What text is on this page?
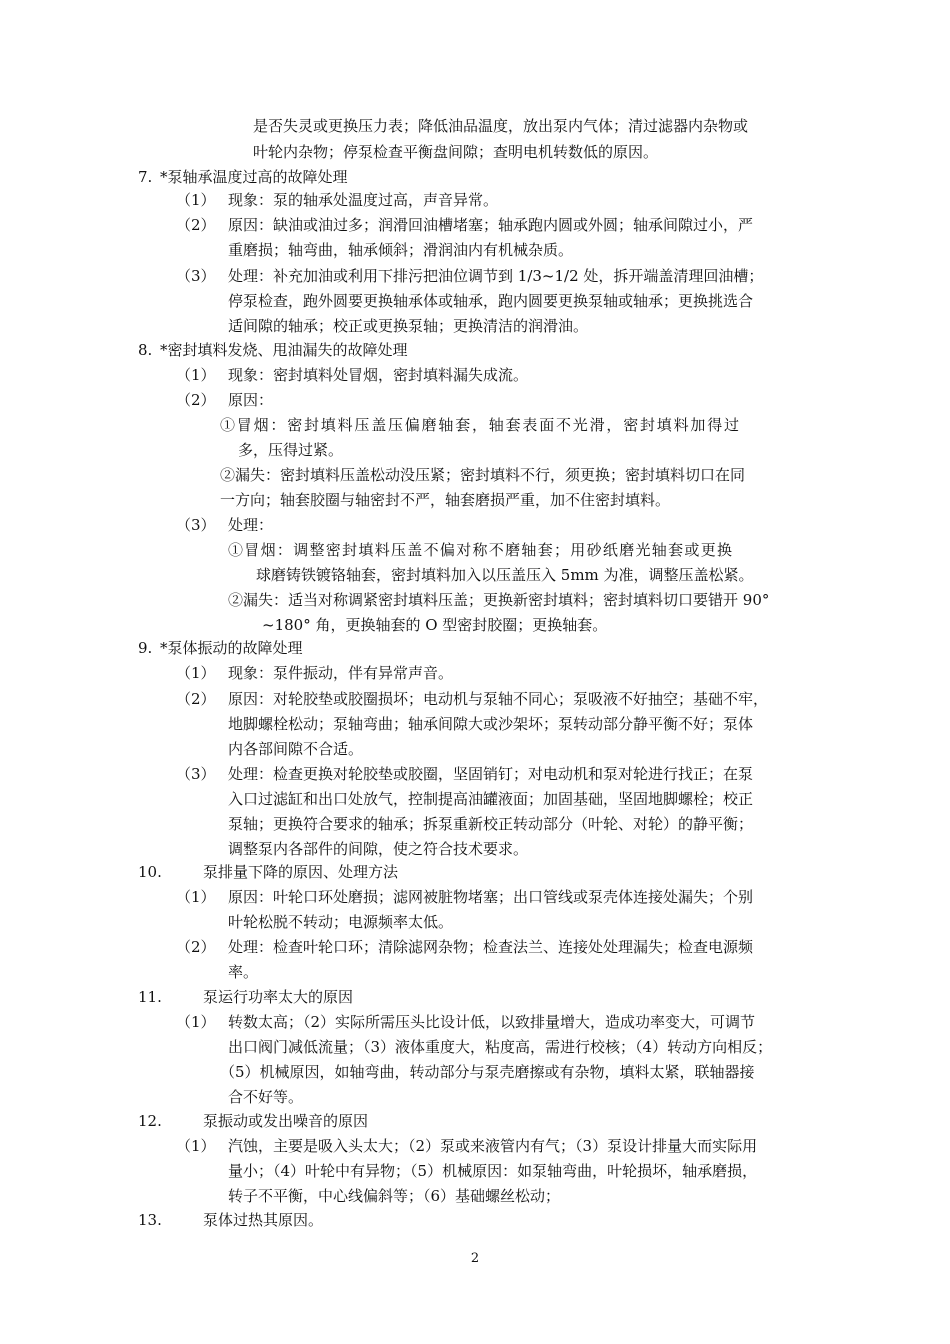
是否失灵或更换压力表；降低油品温度，放出泵内气体；清过滤器内杂物或
叶轮内杂物；停泵检查平衡盘间隙；查明电机转数低的原因。
7. *泵轴承温度过高的故障处理
（1） 现象：泵的轴承处温度过高，声音异常。
（2） 原因：缺油或油过多；润滑回油槽堵塞；轴承跑内圆或外圆；轴承间隙过小，严
重磨损；轴弯曲，轴承倾斜；滑润油内有机械杂质。
（3） 处理：补充加油或利用下排污把油位调节到 1/3~1/2 处，拆开端盖清理回油槽；
停泵检查，跑外圆要更换轴承体或轴承，跑内圆要更换泵轴或轴承；更换挑选合
适间隙的轴承；校正或更换泵轴；更换清洁的润滑油。
8. *密封填料发烧、甩油漏失的故障处理
（1） 现象：密封填料处冒烟，密封填料漏失成流。
（2） 原因：
①冒烟：密封填料压盖压偏磨轴套，轴套表面不光滑，密封填料加得过
多，压得过紧。
②漏失：密封填料压盖松动没压紧；密封填料不行，须更换；密封填料切口在同
一方向；轴套胶圈与轴密封不严，轴套磨损严重，加不住密封填料。
（3） 处理：
①冒烟：调整密封填料压盖不偏对称不磨轴套；用砂纸磨光轴套或更换
球磨铸铁镀铬轴套，密封填料加入以压盖压入 5mm 为准，调整压盖松紧。
②漏失：适当对称调紧密封填料压盖；更换新密封填料；密封填料切口要错开 90°
~180° 角，更换轴套的 O 型密封胶圈；更换轴套。
9. *泵体振动的故障处理
（1） 现象：泵件振动，伴有异常声音。
（2） 原因：对轮胶垫或胶圈损坏；电动机与泵轴不同心；泵吸液不好抽空；基础不牢，
地脚螺栓松动；泵轴弯曲；轴承间隙大或沙架坏；泵转动部分静平衡不好；泵体
内各部间隙不合适。
（3） 处理：检查更换对轮胶垫或胶圈，坚固销钉；对电动机和泵对轮进行找正；在泵
入口过滤缸和出口处放气，控制提高油罐液面；加固基础，坚固地脚螺栓；校正
泵轴；更换符合要求的轴承；拆泵重新校正转动部分（叶轮、对轮）的静平衡；
调整泵内各部件的间隙，使之符合技术要求。
10.	泵排量下降的原因、处理方法
（1） 原因：叶轮口环处磨损；滤网被脏物堵塞；出口管线或泵壳体连接处漏失；个别
叶轮松脱不转动；电源频率太低。
（2） 处理：检查叶轮口环；清除滤网杂物；检查法兰、连接处处理漏失；检查电源频
率。
11.	泵运行功率太大的原因
（1） 转数太高；（2）实际所需压头比设计低，以致排量增大，造成功率变大，可调节
出口阀门减低流量；（3）液体重度大，粘度高，需进行校核；（4）转动方向相反；
（5）机械原因，如轴弯曲，转动部分与泵壳磨擦或有杂物，填料太紧，联轴器接
合不好等。
12.	泵振动或发出噪音的原因
（1） 汽蚀，主要是吸入头太大；（2）泵或来液管内有气；（3）泵设计排量大而实际用
量小；（4）叶轮中有异物；（5）机械原因：如泵轴弯曲，叶轮损坏，轴承磨损，
转子不平衡，中心线偏斜等；（6）基础螺丝松动；
13.	泵体过热其原因。
2
